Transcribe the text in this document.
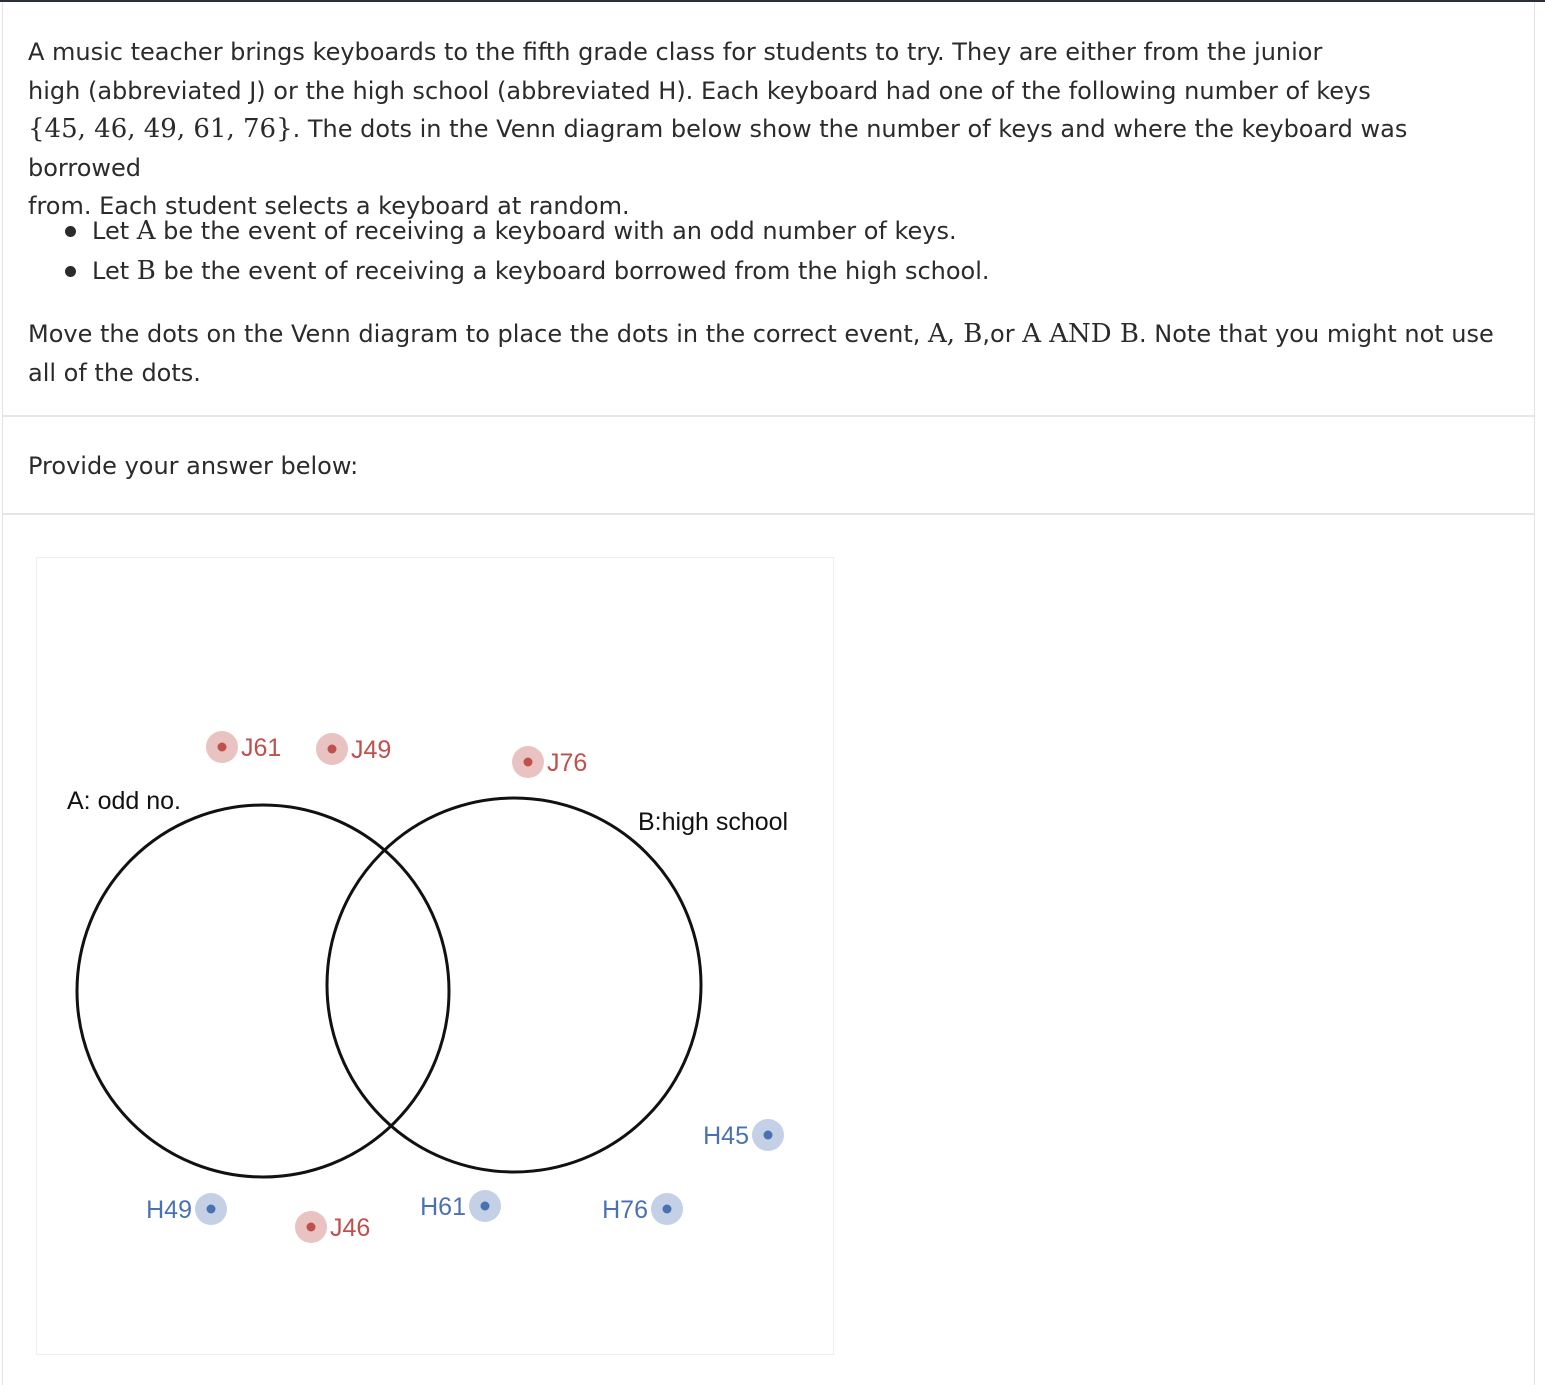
A music teacher brings keyboards to the fifth grade class for students to try. They are either from the junior

high (abbreviated J) or the high school (abbreviated H). Each keyboard had one of the following number of keys

{45, 46, 49, 61, 76}. The dots in the Venn diagram below show the number of keys and where the keyboard was borrowed

from. Each student selects a keyboard at random.

Let A be the event of receiving a keyboard with an odd number of keys.
Let B be the event of receiving a keyboard borrowed from the high school.

Move the dots on the Venn diagram to place the dots in the correct event, A, B,or A AND B. Note that you might not use all of the dots.

Provide your answer below:

A: odd no.
B:high school
J61	J49	J76
H45
H49
J46
H61	H76
